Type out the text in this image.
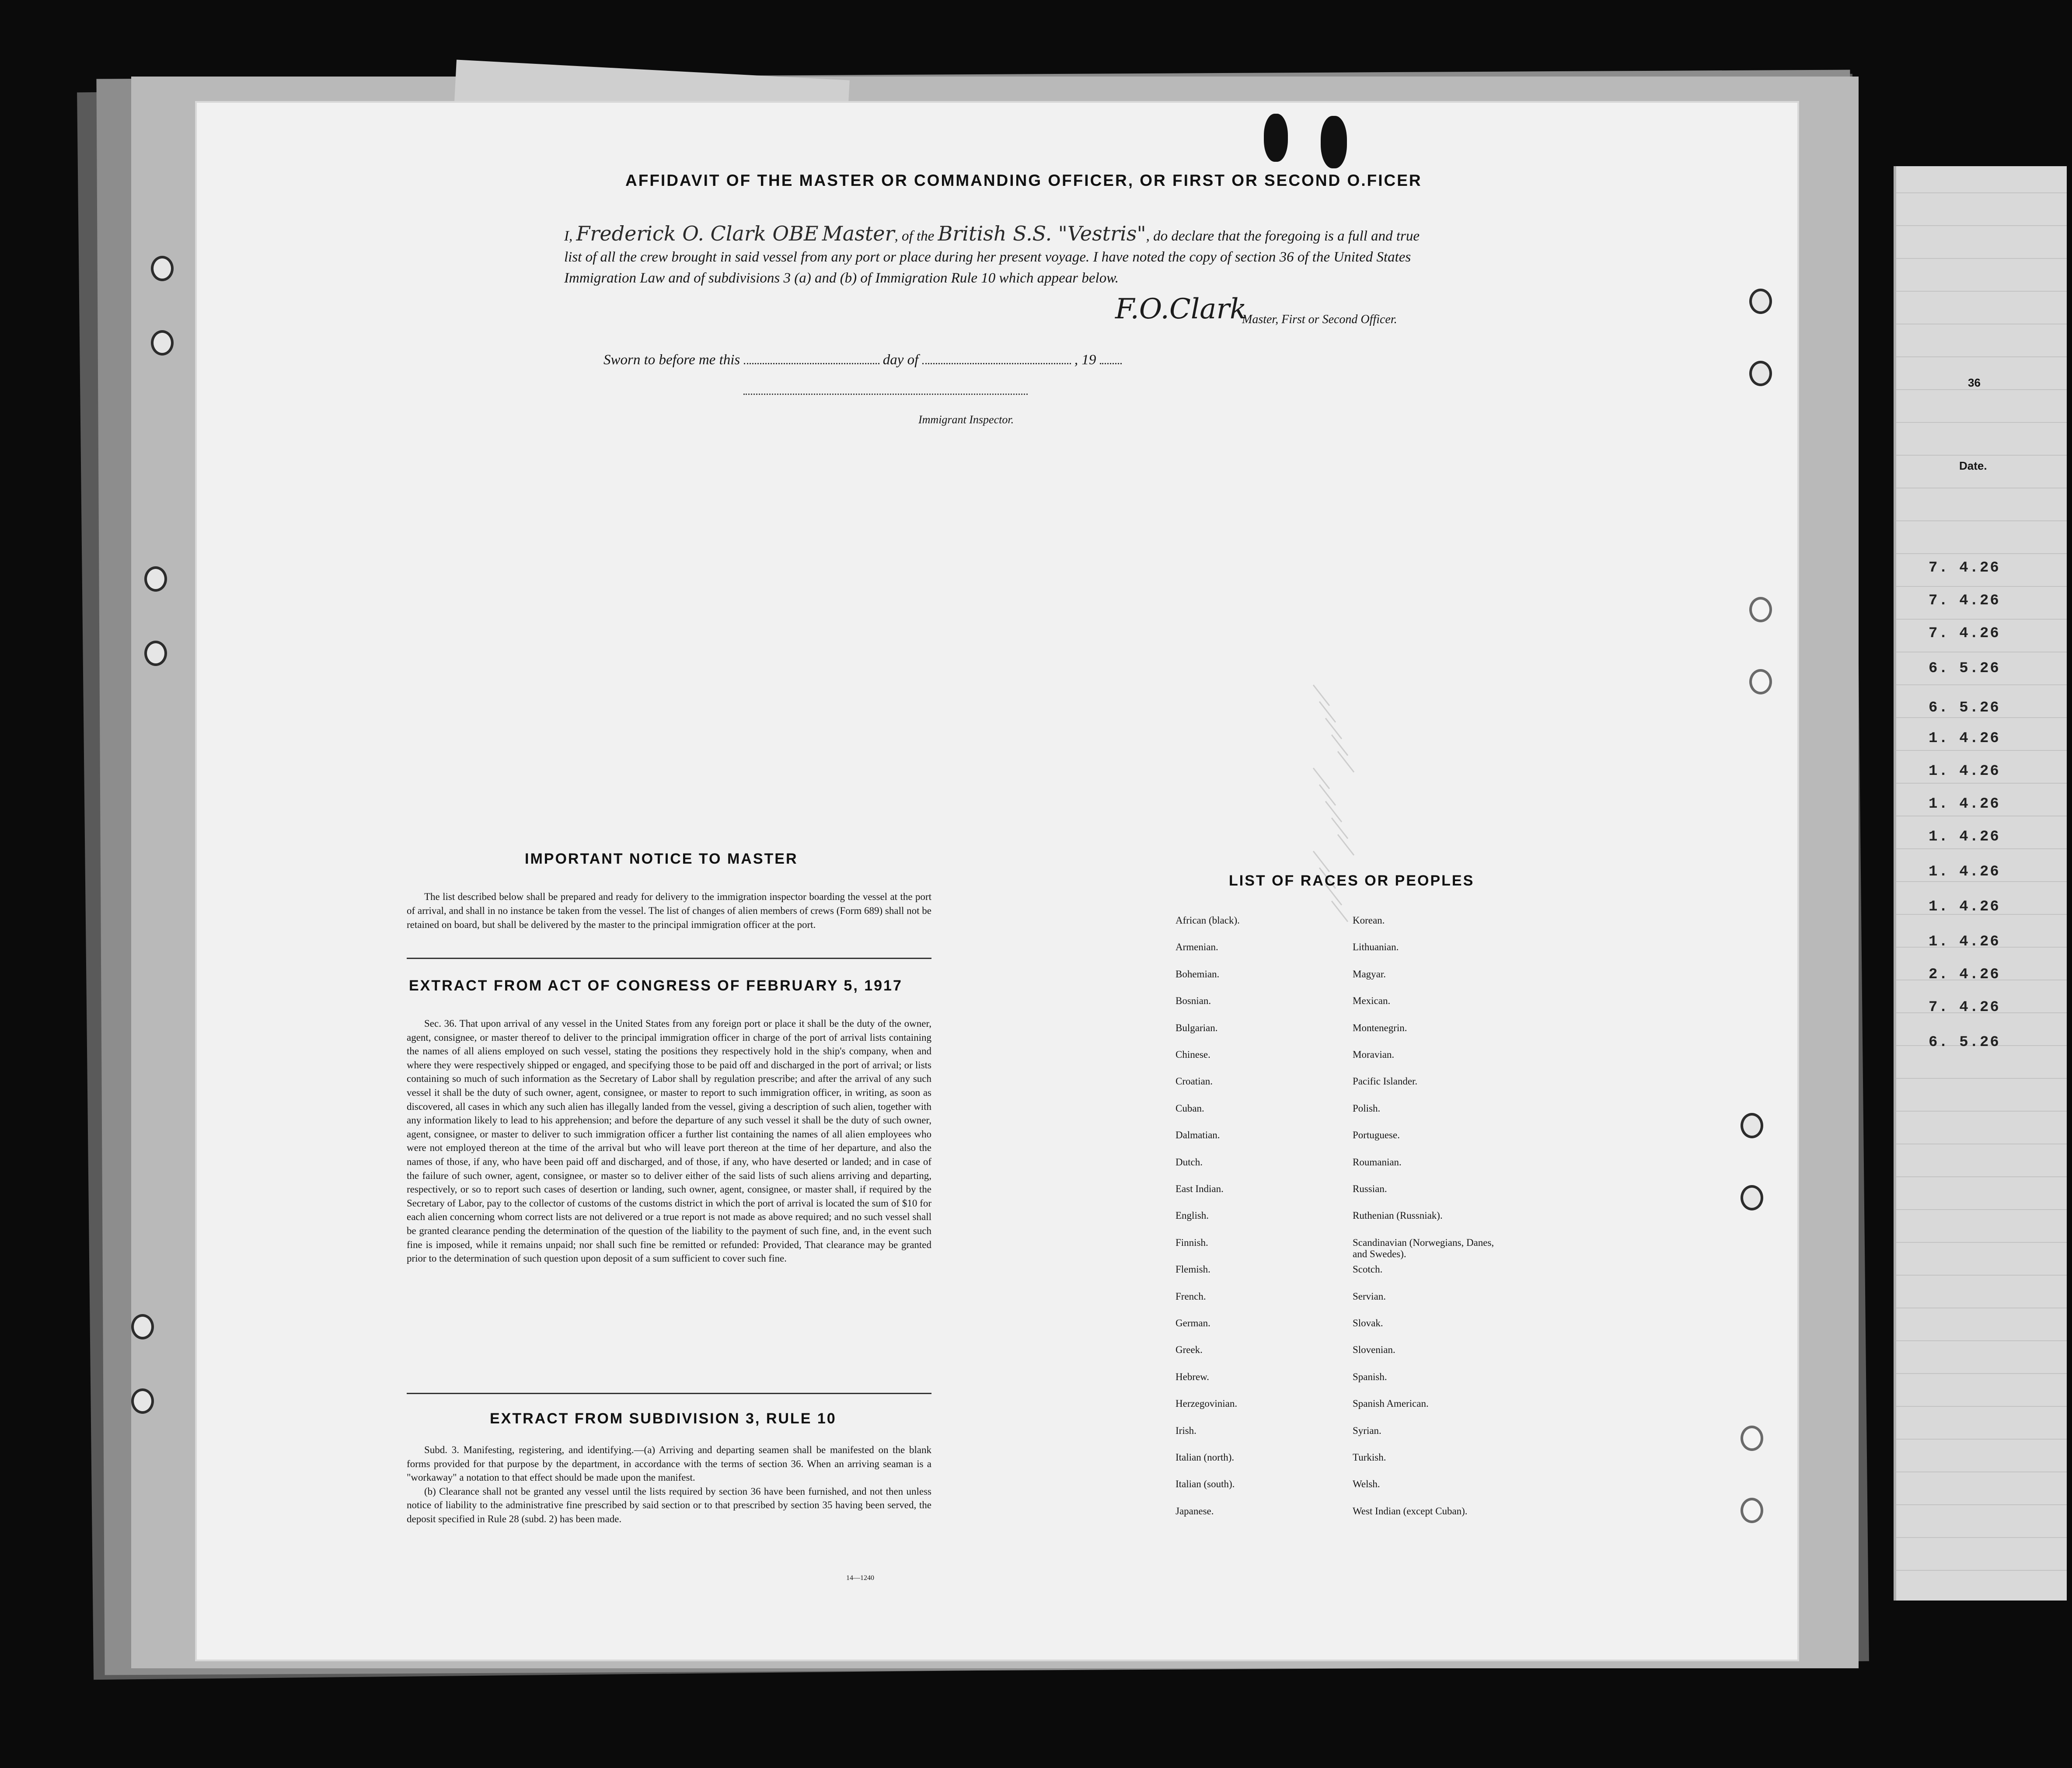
36
Date.
7. 4.26
7. 4.26
7. 4.26
6. 5.26
6. 5.26
1. 4.26
1. 4.26
1. 4.26
1. 4.26
1. 4.26
1. 4.26
1. 4.26
2. 4.26
7. 4.26
6. 5.26
AFFIDAVIT OF THE MASTER OR COMMANDING OFFICER, OR FIRST OR SECOND O.FICER
I, Frederick O. Clark OBE Master, of the British S.S. "Vestris", do declare that the foregoing is a full and true list of all the crew brought in said vessel from any port or place during her present voyage. I have noted the copy of section 36 of the United States Immigration Law and of subdivisions 3 (a) and (b) of Immigration Rule 10 which appear below.
F.O.Clark
Master, First or Second Officer.
Sworn to before me this	day of	, 19
Immigrant Inspector.
IMPORTANT NOTICE TO MASTER
The list described below shall be prepared and ready for delivery to the immigration inspector boarding the vessel at the port of arrival, and shall in no instance be taken from the vessel. The list of changes of alien members of crews (Form 689) shall not be retained on board, but shall be delivered by the master to the principal immigration officer at the port.
EXTRACT FROM ACT OF CONGRESS OF FEBRUARY 5, 1917
Sec. 36. That upon arrival of any vessel in the United States from any foreign port or place it shall be the duty of the owner, agent, consignee, or master thereof to deliver to the principal immigration officer in charge of the port of arrival lists containing the names of all aliens employed on such vessel, stating the positions they respectively hold in the ship's company, when and where they were respectively shipped or engaged, and specifying those to be paid off and discharged in the port of arrival; or lists containing so much of such information as the Secretary of Labor shall by regulation prescribe; and after the arrival of any such vessel it shall be the duty of such owner, agent, consignee, or master to report to such immigration officer, in writing, as soon as discovered, all cases in which any such alien has illegally landed from the vessel, giving a description of such alien, together with any information likely to lead to his apprehension; and before the departure of any such vessel it shall be the duty of such owner, agent, consignee, or master to deliver to such immigration officer a further list containing the names of all alien employees who were not employed thereon at the time of the arrival but who will leave port thereon at the time of her departure, and also the names of those, if any, who have been paid off and discharged, and of those, if any, who have deserted or landed; and in case of the failure of such owner, agent, consignee, or master so to deliver either of the said lists of such aliens arriving and departing, respectively, or so to report such cases of desertion or landing, such owner, agent, consignee, or master shall, if required by the Secretary of Labor, pay to the collector of customs of the customs district in which the port of arrival is located the sum of $10 for each alien concerning whom correct lists are not delivered or a true report is not made as above required; and no such vessel shall be granted clearance pending the determination of the question of the liability to the payment of such fine, and, in the event such fine is imposed, while it remains unpaid; nor shall such fine be remitted or refunded: Provided, That clearance may be granted prior to the determination of such question upon deposit of a sum sufficient to cover such fine.
EXTRACT FROM SUBDIVISION 3, RULE 10

Subd. 3. Manifesting, registering, and identifying.—(a) Arriving and departing seamen shall be manifested on the blank forms provided for that purpose by the department, in accordance with the terms of section 36. When an arriving seaman is a "workaway" a notation to that effect should be made upon the manifest.

(b) Clearance shall not be granted any vessel until the lists required by section 36 have been furnished, and not then unless notice of liability to the administrative fine prescribed by said section or to that prescribed by section 35 having been served, the deposit specified in Rule 28 (subd. 2) has been made.

14—1240
LIST OF RACES OR PEOPLES
African (black).
Armenian.
Bohemian.
Bosnian.
Bulgarian.
Chinese.
Croatian.
Cuban.
Dalmatian.
Dutch.
East Indian.
English.
Finnish.
Flemish.
French.
German.
Greek.
Hebrew.
Herzegovinian.
Irish.
Italian (north).
Italian (south).
Japanese.
Korean.
Lithuanian.
Magyar.
Mexican.
Montenegrin.
Moravian.
Pacific Islander.
Polish.
Portuguese.
Roumanian.
Russian.
Ruthenian (Russniak).
Scandinavian (Norwegians, Danes, and Swedes).
Scotch.
Servian.
Slovak.
Slovenian.
Spanish.
Spanish American.
Syrian.
Turkish.
Welsh.
West Indian (except Cuban).
